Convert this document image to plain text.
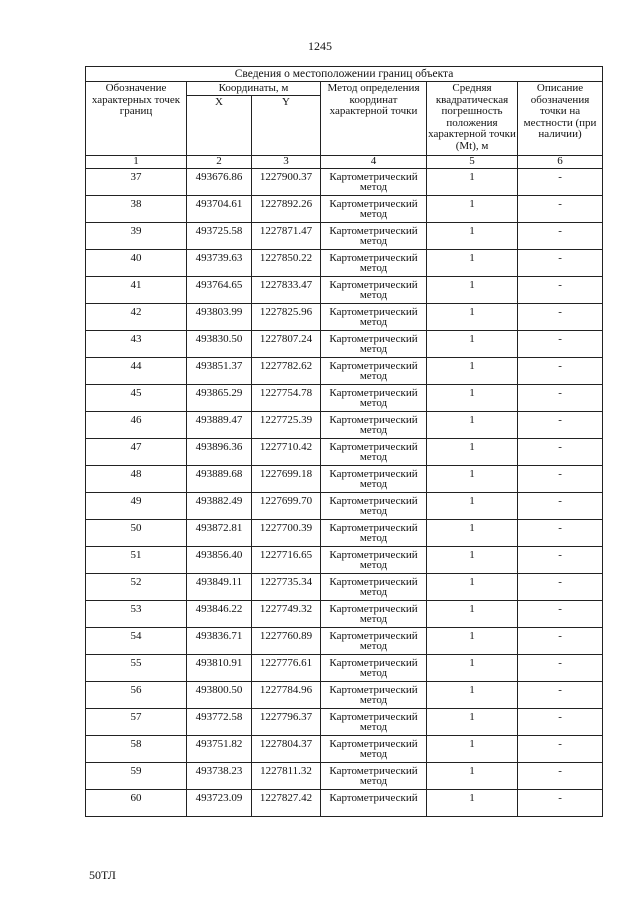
1245
Сведения о местоположении границ объекта					
Обозначение характерных точек границ	Координаты, м		Метод определения координат характерной точки	Средняя квадратическая погрешность положения характерной точки (Mt), м	Описание обозначения точки на местности (при наличии)
	X	Y			
1	2	3	4	5	6
37	493676.86	1227900.37	Картометрический метод	1	-
38	493704.61	1227892.26	Картометрический метод	1	-
39	493725.58	1227871.47	Картометрический метод	1	-
40	493739.63	1227850.22	Картометрический метод	1	-
41	493764.65	1227833.47	Картометрический метод	1	-
42	493803.99	1227825.96	Картометрический метод	1	-
43	493830.50	1227807.24	Картометрический метод	1	-
44	493851.37	1227782.62	Картометрический метод	1	-
45	493865.29	1227754.78	Картометрический метод	1	-
46	493889.47	1227725.39	Картометрический метод	1	-
47	493896.36	1227710.42	Картометрический метод	1	-
48	493889.68	1227699.18	Картометрический метод	1	-
49	493882.49	1227699.70	Картометрический метод	1	-
50	493872.81	1227700.39	Картометрический метод	1	-
51	493856.40	1227716.65	Картометрический метод	1	-
52	493849.11	1227735.34	Картометрический метод	1	-
53	493846.22	1227749.32	Картометрический метод	1	-
54	493836.71	1227760.89	Картометрический метод	1	-
55	493810.91	1227776.61	Картометрический метод	1	-
56	493800.50	1227784.96	Картометрический метод	1	-
57	493772.58	1227796.37	Картометрический метод	1	-
58	493751.82	1227804.37	Картометрический метод	1	-
59	493738.23	1227811.32	Картометрический метод	1	-
60	493723.09	1227827.42	Картометрический	1	-
50ТЛ
